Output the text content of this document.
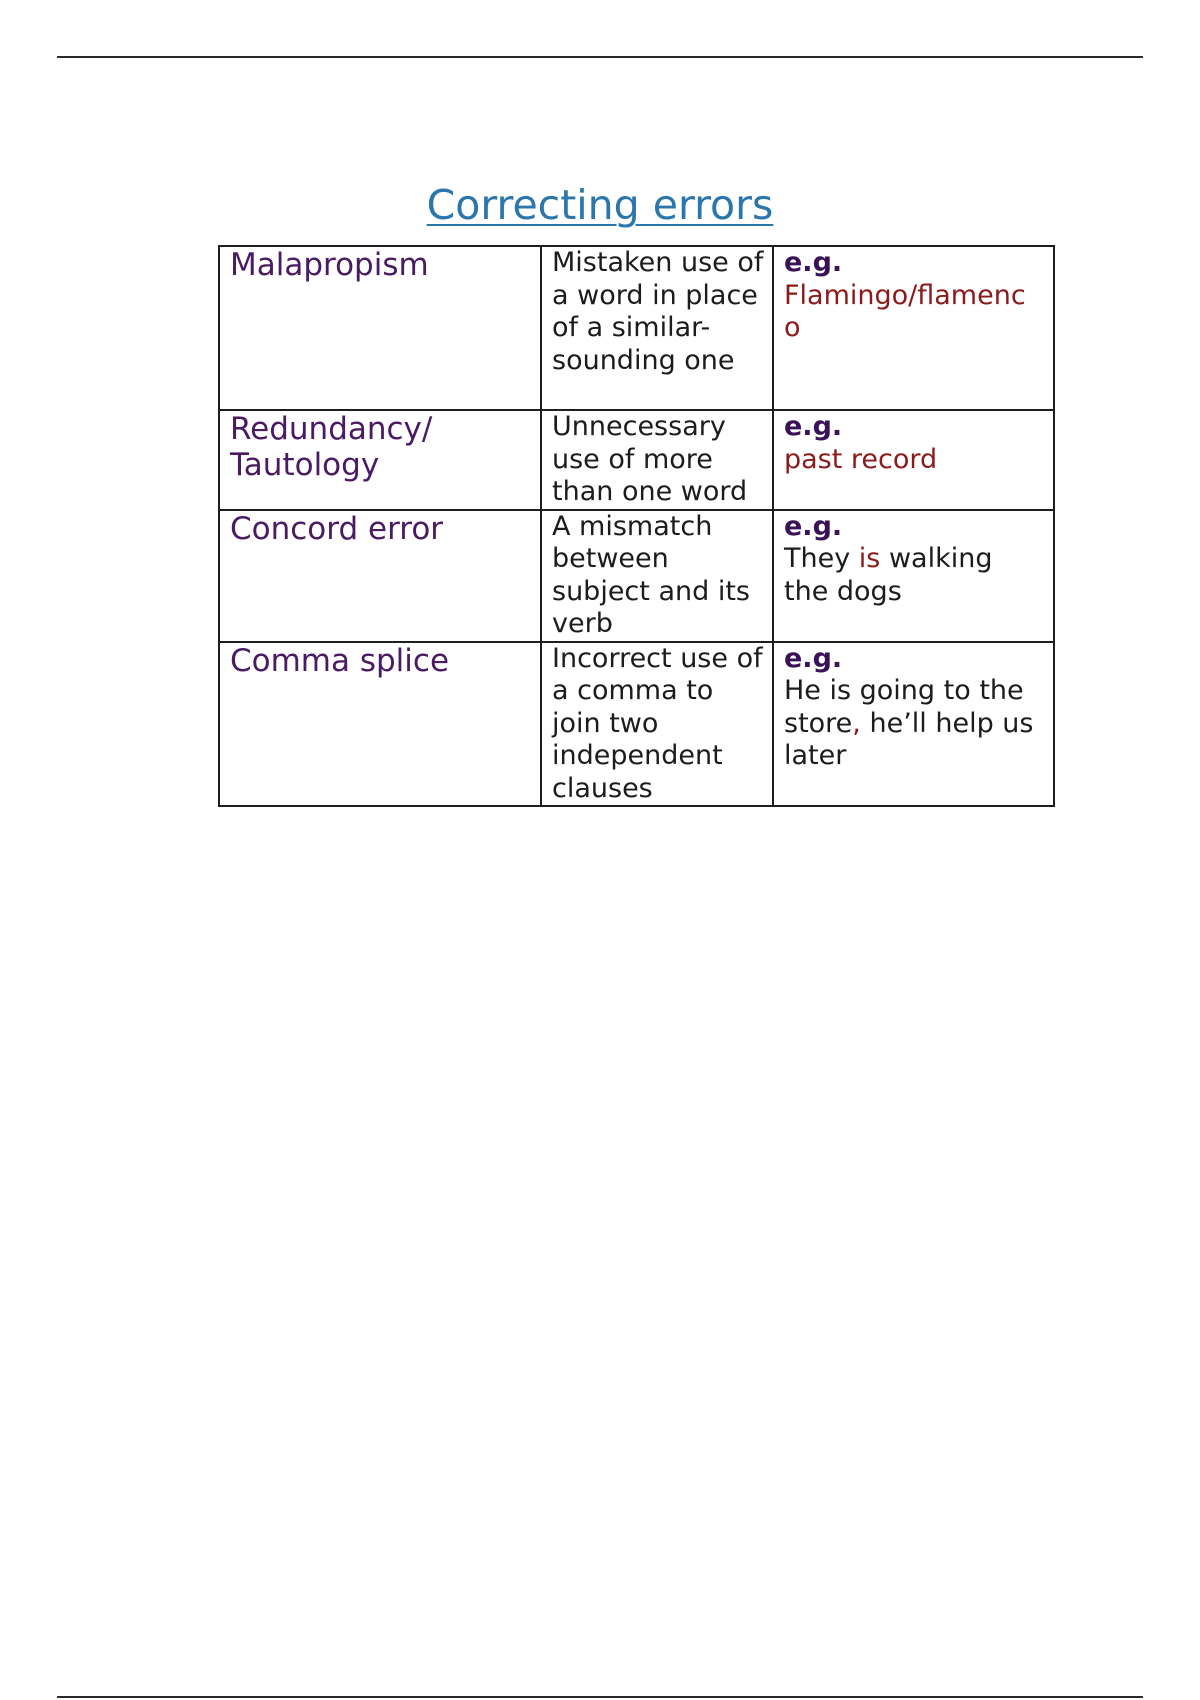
Correcting errors
Malapropism	Mistaken use of a word in place of a similar-sounding one	e.g.
Flamingo/flamenc
o

Redundancy/ Tautology	Unnecessary use of more than one word	e.g.
past record
Concord error	A mismatch between subject and its verb	e.g.
They is walking the dogs
Comma splice	Incorrect use of a comma to join two independent clauses	e.g.
He is going to the store, he’ll help us later
